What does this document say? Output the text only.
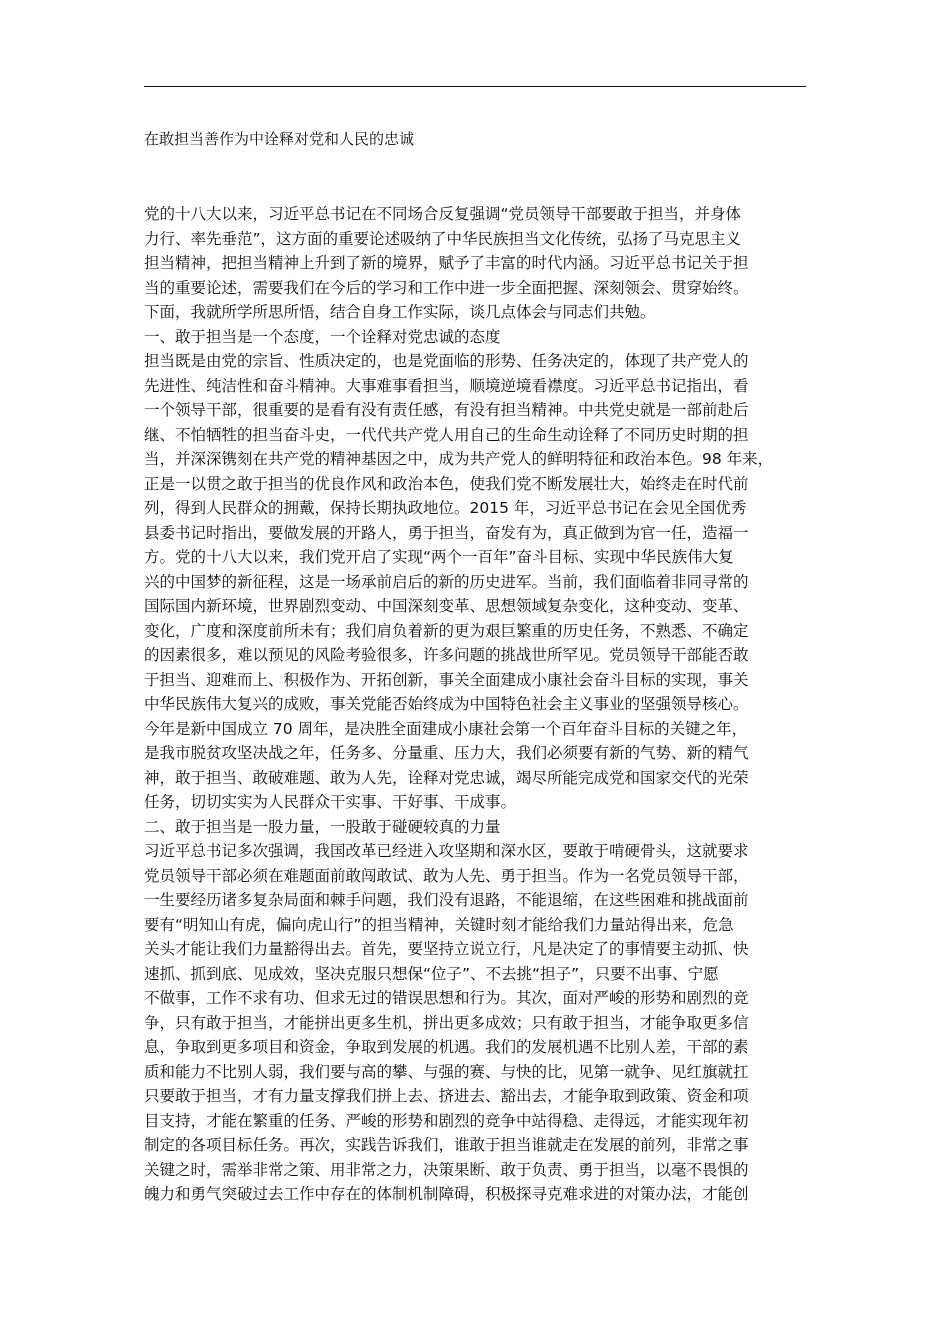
在敢担当善作为中诠释对党和人民的忠诚
党的十八大以来，习近平总书记在不同场合反复强调“党员领导干部要敢于担当，并身体
力行、率先垂范”，这方面的重要论述吸纳了中华民族担当文化传统，弘扬了马克思主义
担当精神，把担当精神上升到了新的境界，赋予了丰富的时代内涵。习近平总书记关于担
当的重要论述，需要我们在今后的学习和工作中进一步全面把握、深刻领会、贯穿始终。
下面，我就所学所思所悟，结合自身工作实际，谈几点体会与同志们共勉。
一、敢于担当是一个态度，一个诠释对党忠诚的态度
担当既是由党的宗旨、性质决定的，也是党面临的形势、任务决定的，体现了共产党人的
先进性、纯洁性和奋斗精神。大事难事看担当，顺境逆境看襟度。习近平总书记指出，看
一个领导干部，很重要的是看有没有责任感，有没有担当精神。中共党史就是一部前赴后
继、不怕牺牲的担当奋斗史，一代代共产党人用自己的生命生动诠释了不同历史时期的担
当，并深深镌刻在共产党的精神基因之中，成为共产党人的鲜明特征和政治本色。98 年来，
正是一以贯之敢于担当的优良作风和政治本色，使我们党不断发展壮大，始终走在时代前
列，得到人民群众的拥戴，保持长期执政地位。2015 年，习近平总书记在会见全国优秀
县委书记时指出，要做发展的开路人，勇于担当，奋发有为，真正做到为官一任，造福一
方。党的十八大以来，我们党开启了实现“两个一百年”奋斗目标、实现中华民族伟大复
兴的中国梦的新征程，这是一场承前启后的新的历史进军。当前，我们面临着非同寻常的
国际国内新环境，世界剧烈变动、中国深刻变革、思想领域复杂变化，这种变动、变革、
变化，广度和深度前所未有；我们肩负着新的更为艰巨繁重的历史任务，不熟悉、不确定
的因素很多，难以预见的风险考验很多，许多问题的挑战世所罕见。党员领导干部能否敢
于担当、迎难而上、积极作为、开拓创新，事关全面建成小康社会奋斗目标的实现，事关
中华民族伟大复兴的成败，事关党能否始终成为中国特色社会主义事业的坚强领导核心。
今年是新中国成立 70 周年，是决胜全面建成小康社会第一个百年奋斗目标的关键之年，
是我市脱贫攻坚决战之年，任务多、分量重、压力大，我们必须要有新的气势、新的精气
神，敢于担当、敢破难题、敢为人先，诠释对党忠诚，竭尽所能完成党和国家交代的光荣
任务，切切实实为人民群众干实事、干好事、干成事。
二、敢于担当是一股力量，一股敢于碰硬较真的力量
习近平总书记多次强调，我国改革已经进入攻坚期和深水区，要敢于啃硬骨头，这就要求
党员领导干部必须在难题面前敢闯敢试、敢为人先、勇于担当。作为一名党员领导干部，
一生要经历诸多复杂局面和棘手问题，我们没有退路，不能退缩，在这些困难和挑战面前
要有“明知山有虎，偏向虎山行”的担当精神，关键时刻才能给我们力量站得出来，危急
关头才能让我们力量豁得出去。首先，要坚持立说立行，凡是决定了的事情要主动抓、快
速抓、抓到底、见成效，坚决克服只想保“位子”、不去挑“担子”，只要不出事、宁愿
不做事，工作不求有功、但求无过的错误思想和行为。其次，面对严峻的形势和剧烈的竞
争，只有敢于担当，才能拼出更多生机，拼出更多成效；只有敢于担当，才能争取更多信
息，争取到更多项目和资金，争取到发展的机遇。我们的发展机遇不比别人差，干部的素
质和能力不比别人弱，我们要与高的攀、与强的赛、与快的比，见第一就争、见红旗就扛
只要敢于担当，才有力量支撑我们拼上去、挤进去、豁出去，才能争取到政策、资金和项
目支持，才能在繁重的任务、严峻的形势和剧烈的竞争中站得稳、走得远，才能实现年初
制定的各项目标任务。再次，实践告诉我们，谁敢于担当谁就走在发展的前列，非常之事
关键之时，需举非常之策、用非常之力，决策果断、敢于负责、勇于担当，以毫不畏惧的
魄力和勇气突破过去工作中存在的体制机制障碍，积极探寻克难求进的对策办法，才能创
